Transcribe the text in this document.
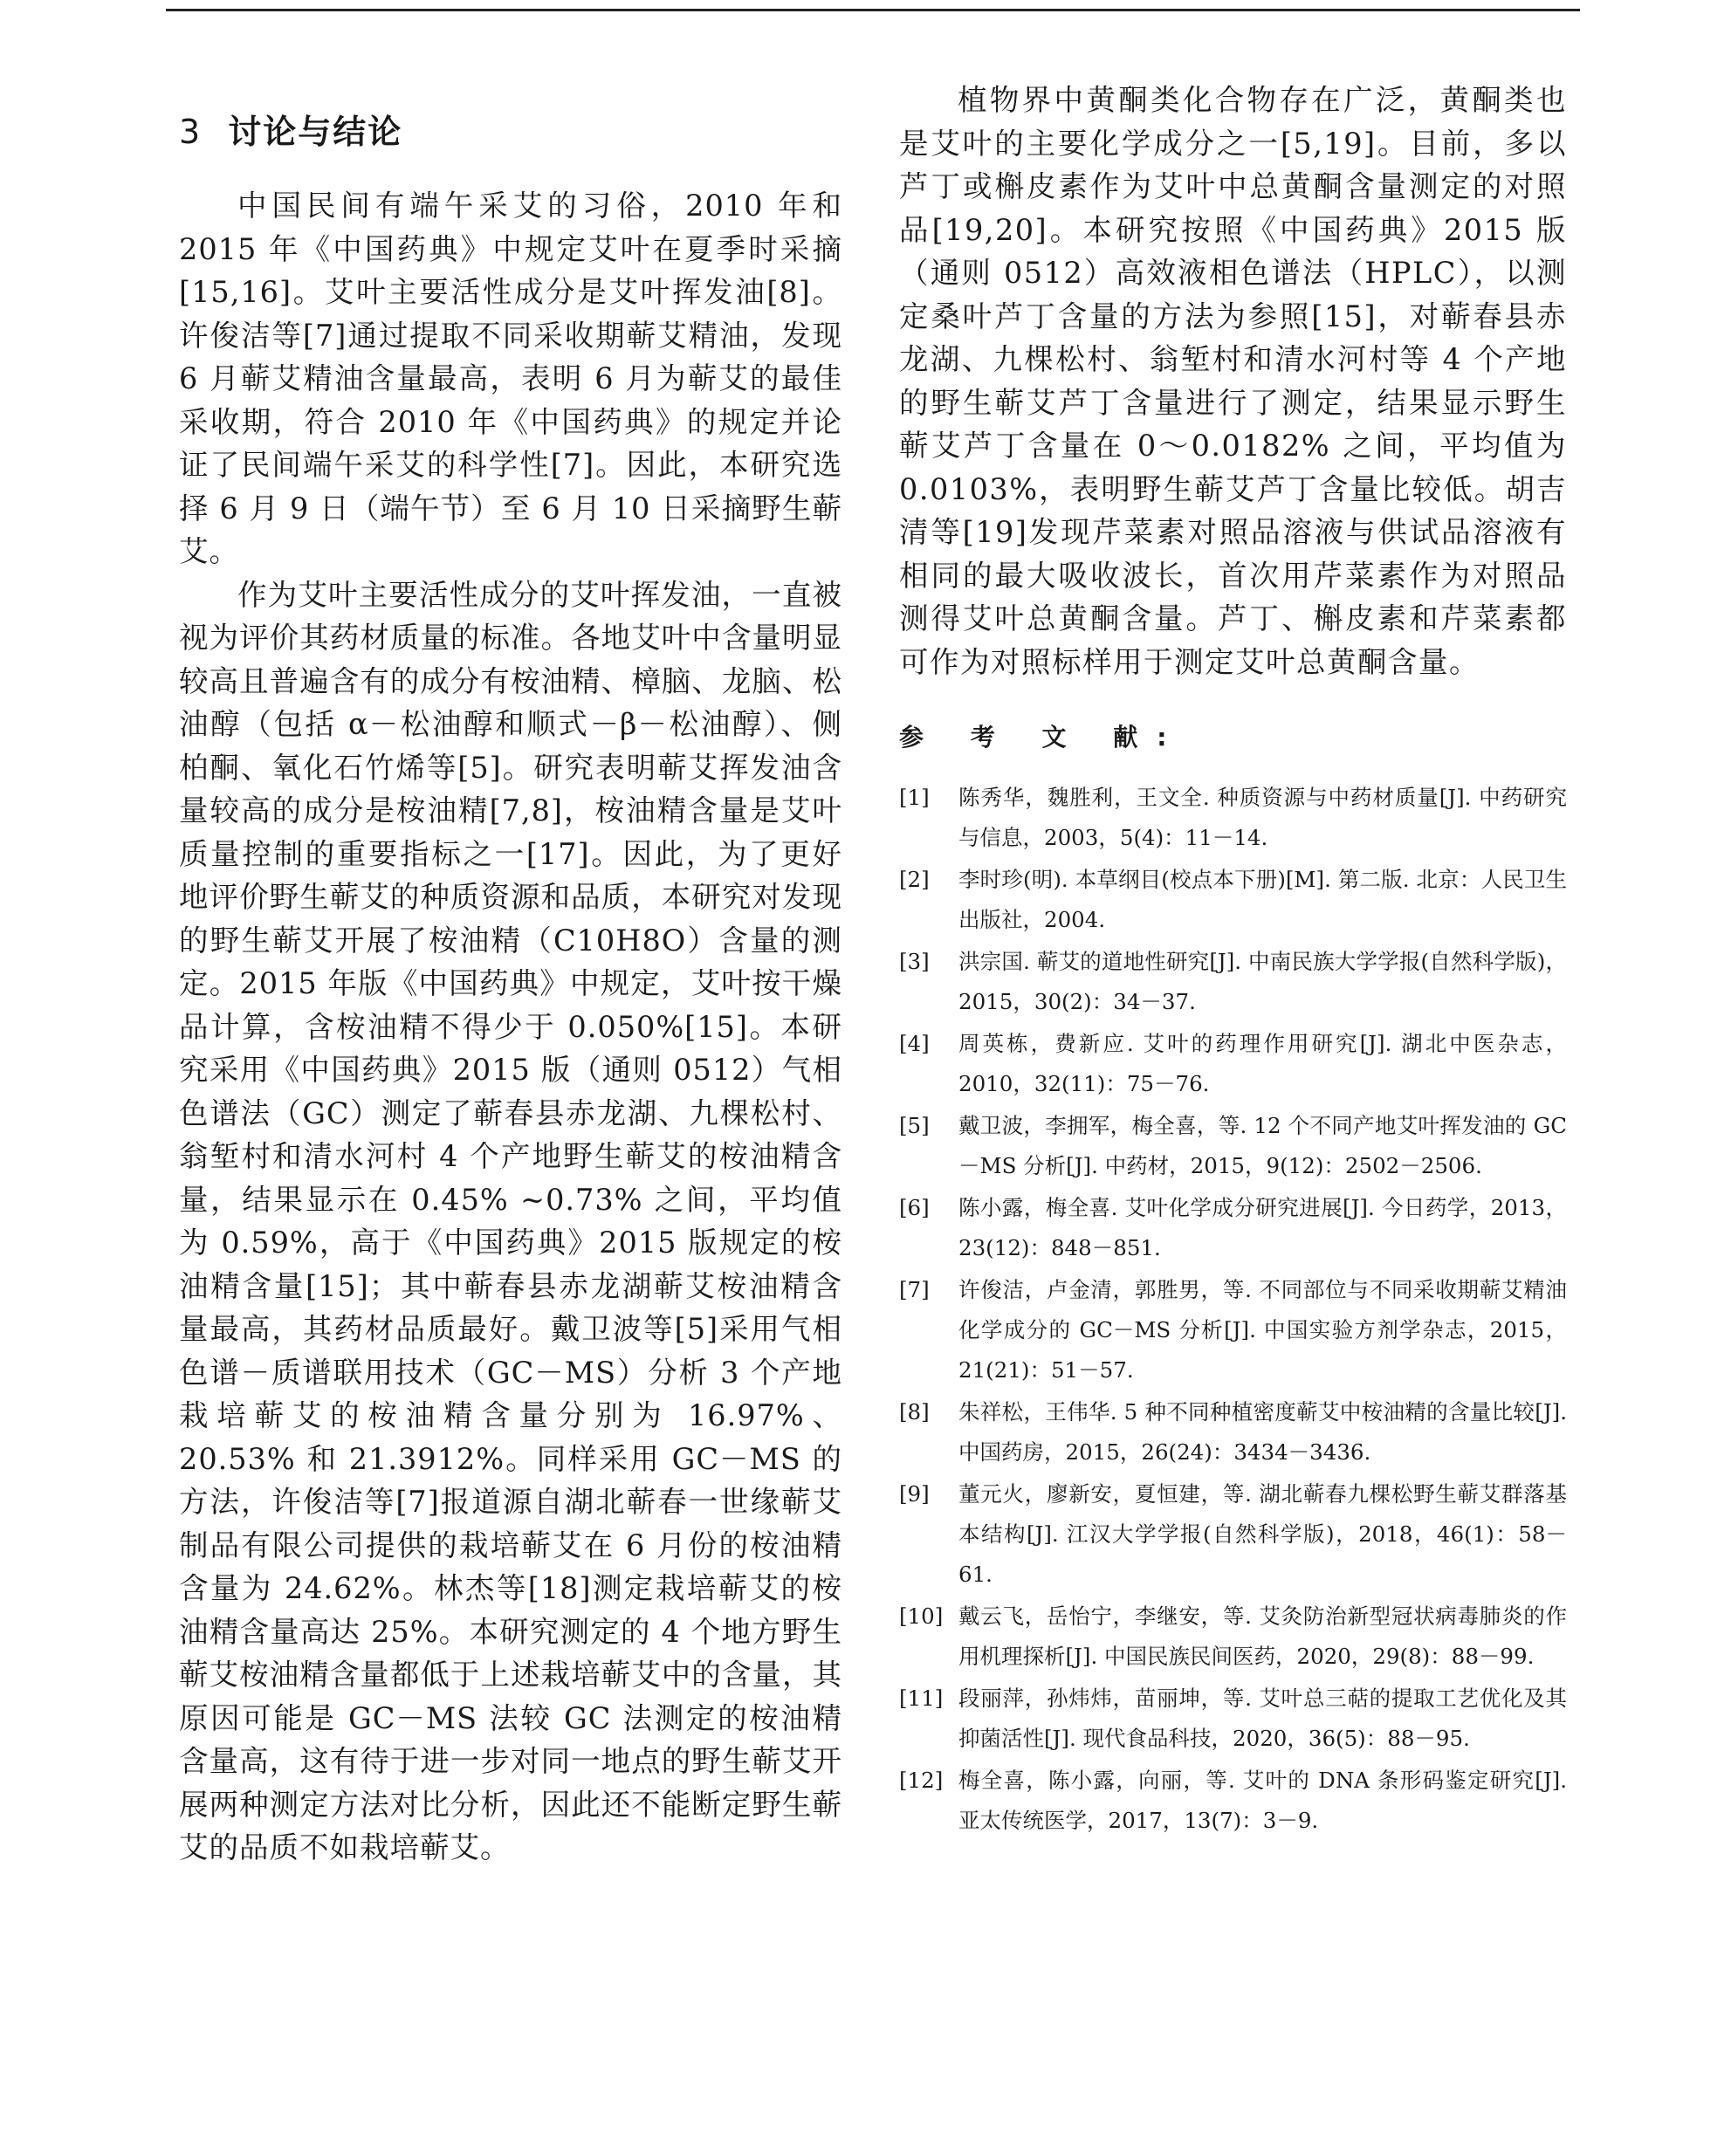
3 讨论与结论

中国民间有端午采艾的习俗，2010 年和 2015 年《中国药典》中规定艾叶在夏季时采摘[15,16]。艾叶主要活性成分是艾叶挥发油[8]。许俊洁等[7]通过提取不同采收期蕲艾精油，发现 6 月蕲艾精油含量最高，表明 6 月为蕲艾的最佳采收期，符合 2010 年《中国药典》的规定并论证了民间端午采艾的科学性[7]。因此，本研究选择 6 月 9 日（端午节）至 6 月 10 日采摘野生蕲艾。

作为艾叶主要活性成分的艾叶挥发油，一直被视为评价其药材质量的标准。各地艾叶中含量明显较高且普遍含有的成分有桉油精、樟脑、龙脑、松油醇（包括 α－松油醇和顺式－β－松油醇）、侧柏酮、氧化石竹烯等[5]。研究表明蕲艾挥发油含量较高的成分是桉油精[7,8]，桉油精含量是艾叶质量控制的重要指标之一[17]。因此，为了更好地评价野生蕲艾的种质资源和品质，本研究对发现的野生蕲艾开展了桉油精（C10H8O）含量的测定。2015 年版《中国药典》中规定，艾叶按干燥品计算，含桉油精不得少于 0.050%[15]。本研究采用《中国药典》2015 版（通则 0512）气相色谱法（GC）测定了蕲春县赤龙湖、九棵松村、翁堑村和清水河村 4 个产地野生蕲艾的桉油精含量，结果显示在 0.45% ~0.73% 之间，平均值为 0.59%，高于《中国药典》2015 版规定的桉油精含量[15]；其中蕲春县赤龙湖蕲艾桉油精含量最高，其药材品质最好。戴卫波等[5]采用气相色谱－质谱联用技术（GC－MS）分析 3 个产地栽培蕲艾的桉油精含量分别为 16.97%、20.53% 和 21.3912%。同样采用 GC－MS 的方法，许俊洁等[7]报道源自湖北蕲春一世缘蕲艾制品有限公司提供的栽培蕲艾在 6 月份的桉油精含量为 24.62%。林杰等[18]测定栽培蕲艾的桉油精含量高达 25%。本研究测定的 4 个地方野生蕲艾桉油精含量都低于上述栽培蕲艾中的含量，其原因可能是 GC－MS 法较 GC 法测定的桉油精含量高，这有待于进一步对同一地点的野生蕲艾开展两种测定方法对比分析，因此还不能断定野生蕲艾的品质不如栽培蕲艾。

植物界中黄酮类化合物存在广泛，黄酮类也是艾叶的主要化学成分之一[5,19]。目前，多以芦丁或槲皮素作为艾叶中总黄酮含量测定的对照品[19,20]。本研究按照《中国药典》2015 版（通则 0512）高效液相色谱法（HPLC），以测定桑叶芦丁含量的方法为参照[15]，对蕲春县赤龙湖、九棵松村、翁堑村和清水河村等 4 个产地的野生蕲艾芦丁含量进行了测定，结果显示野生蕲艾芦丁含量在 0～0.0182% 之间，平均值为 0.0103%，表明野生蕲艾芦丁含量比较低。胡吉清等[19]发现芹菜素对照品溶液与供试品溶液有相同的最大吸收波长，首次用芹菜素作为对照品测得艾叶总黄酮含量。芦丁、槲皮素和芹菜素都可作为对照标样用于测定艾叶总黄酮含量。

参 考 文 献:
[1]	陈秀华，魏胜利，王文全. 种质资源与中药材质量[J]. 中药研究与信息，2003，5(4)：11－14.
[2]	李时珍(明). 本草纲目(校点本下册)[M]. 第二版. 北京：人民卫生出版社，2004.
[3]	洪宗国. 蕲艾的道地性研究[J]. 中南民族大学学报(自然科学版)，2015，30(2)：34－37.
[4]	周英栋，费新应. 艾叶的药理作用研究[J]. 湖北中医杂志，2010，32(11)：75－76.
[5]	戴卫波，李拥军，梅全喜，等. 12 个不同产地艾叶挥发油的 GC－MS 分析[J]. 中药材，2015，9(12)：2502－2506.
[6]	陈小露，梅全喜. 艾叶化学成分研究进展[J]. 今日药学，2013，23(12)：848－851.
[7]	许俊洁，卢金清，郭胜男，等. 不同部位与不同采收期蕲艾精油化学成分的 GC－MS 分析[J]. 中国实验方剂学杂志，2015，21(21)：51－57.
[8]	朱祥松，王伟华. 5 种不同种植密度蕲艾中桉油精的含量比较[J]. 中国药房，2015，26(24)：3434－3436.
[9]	董元火，廖新安，夏恒建，等. 湖北蕲春九棵松野生蕲艾群落基本结构[J]. 江汉大学学报(自然科学版)，2018，46(1)：58－61.
[10] 戴云飞，岳怡宁，李继安，等. 艾灸防治新型冠状病毒肺炎的作用机理探析[J]. 中国民族民间医药，2020，29(8)：88－99.
[11] 段丽萍，孙炜炜，苗丽坤，等. 艾叶总三萜的提取工艺优化及其抑菌活性[J]. 现代食品科技，2020，36(5)：88－95.
[12] 梅全喜，陈小露，向丽，等. 艾叶的 DNA 条形码鉴定研究[J]. 亚太传统医学，2017，13(7)：3－9.
